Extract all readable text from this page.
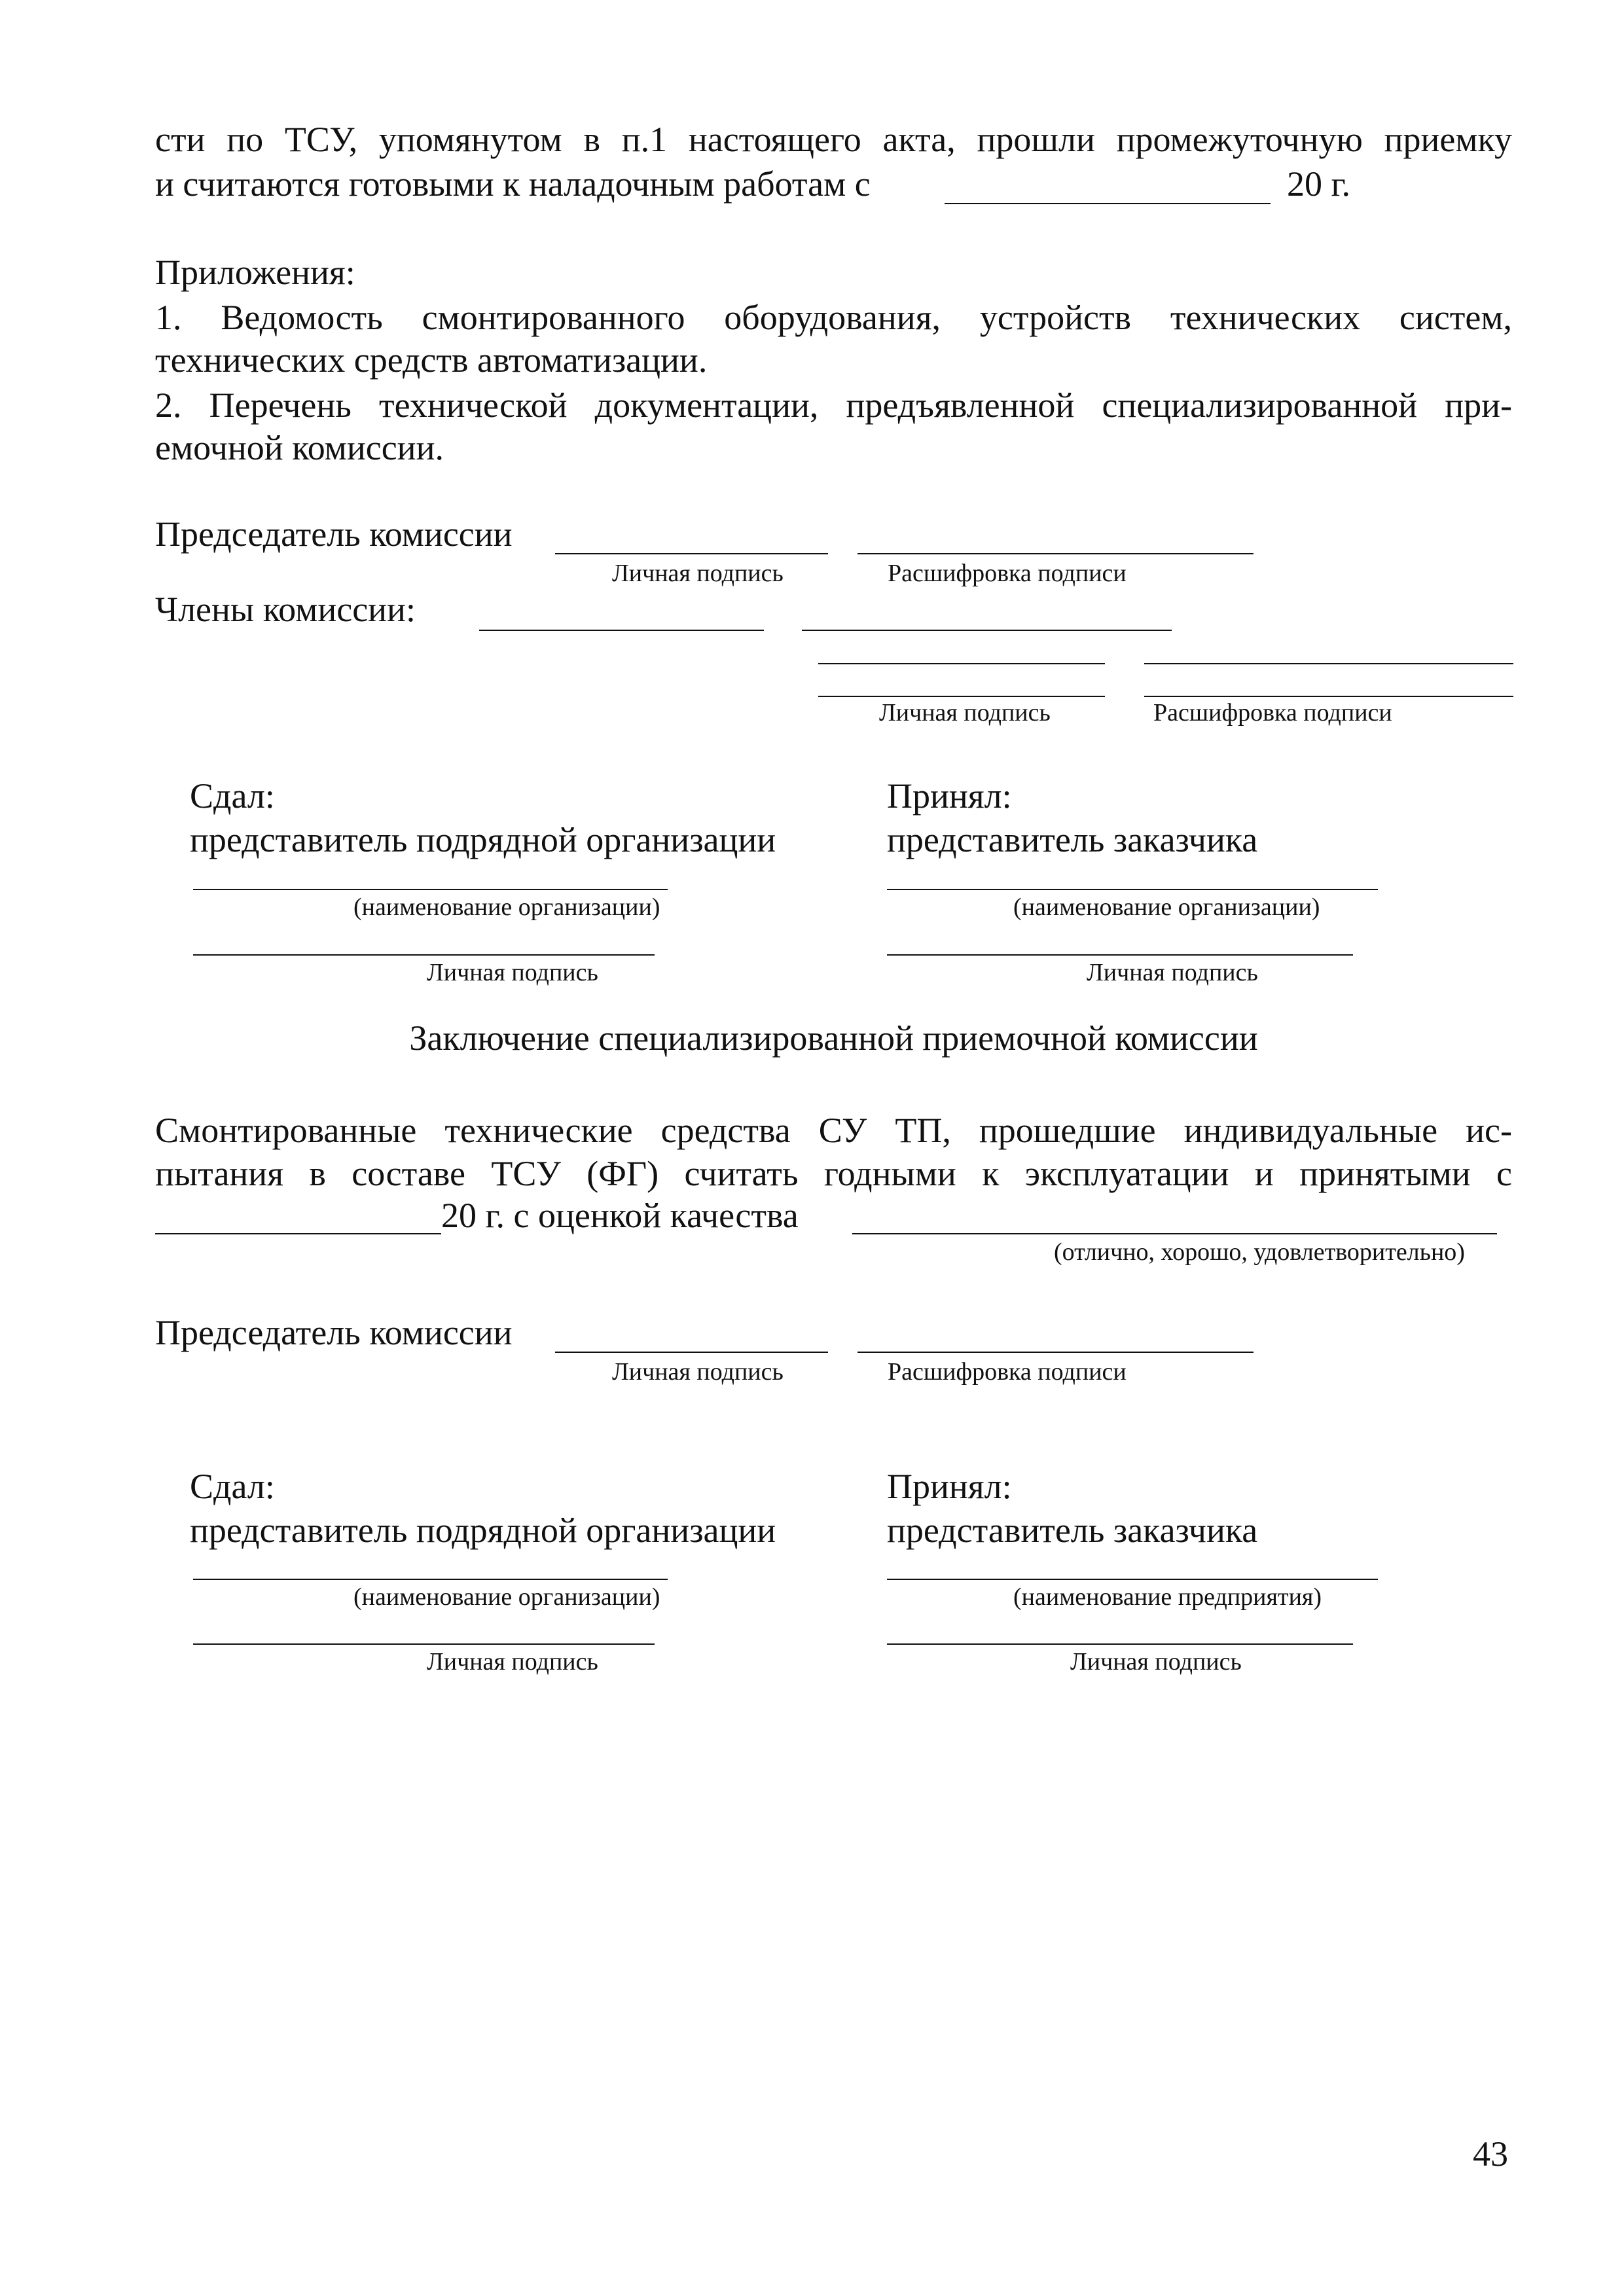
сти по ТСУ, упомянутом в п.1 настоящего акта, прошли промежуточную приемку
и считаются готовыми к наладочным работам с	20 г.
Приложения:
1. Ведомость смонтированного оборудования, устройств технических систем,
технических средств автоматизации.
2. Перечень технической документации, предъявленной специализированной при-
емочной комиссии.
Председатель комиссии
Личная подпись	Расшифровка подписи
Члены комиссии:
Личная подпись	Расшифровка подписи
Сдал:
представитель подрядной организации
(наименование организации)
Личная подпись
Принял:
представитель заказчика
(наименование организации)
Личная подпись
Заключение специализированной приемочной комиссии
Смонтированные технические средства СУ ТП, прошедшие индивидуальные ис-
пытания в составе ТСУ (ФГ) считать годными к эксплуатации и принятыми с
20 г. с оценкой качества
(отлично, хорошо, удовлетворительно)
Председатель комиссии
Личная подпись	Расшифровка подписи
Сдал:
представитель подрядной организации
(наименование организации)
Личная подпись
Принял:
представитель заказчика
(наименование предприятия)
Личная подпись
43
